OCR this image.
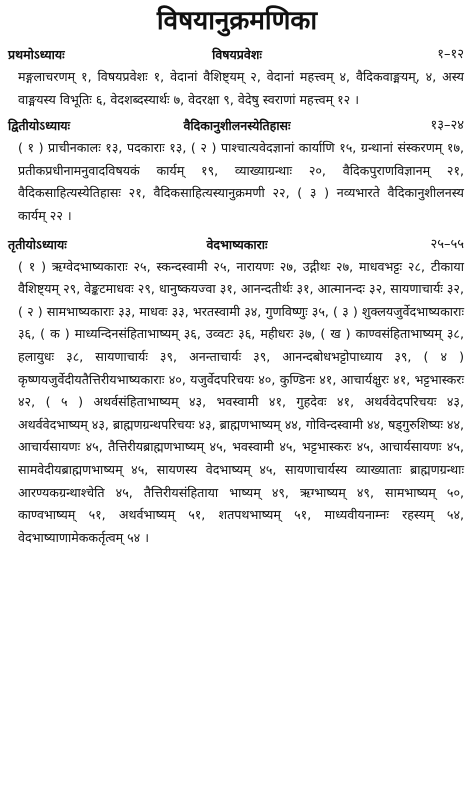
विषयानुक्रमणिका
प्रथमोऽध्यायः	विषयप्रवेशः	१–१२
मङ्गलाचरणम् १, विषयप्रवेशः १, वेदानां वैशिष्ट्यम् २, वेदानां महत्त्वम् ४, वैदिकवाङ्मयम्, ४, अस्य वाङ्मयस्य विभूतिः ६, वेदशब्दस्यार्थः ७, वेदरक्षा ९, वेदेषु स्वराणां महत्त्वम् १२ ।
द्वितीयोऽध्यायः	वैदिकानुशीलनस्येतिहासः	१३–२४
( १ ) प्राचीनकालः १३, पदकाराः १३, ( २ ) पाश्चात्यवेदज्ञानां कार्याणि १५, ग्रन्थानां संस्करणम् १७, प्रतीकप्रधीनामनुवादविषयकं कार्यम् १९, व्याख्याग्रन्थाः २०, वैदिकपुराणविज्ञानम् २१, वैदिकसाहित्यस्येतिहासः २१, वैदिकसाहित्यस्यानुक्रमणी २२, ( ३ ) नव्यभारते वैदिकानुशीलनस्य कार्यम् २२ ।
तृतीयोऽध्यायः	वेदभाष्यकाराः	२५–५५
( १ ) ऋग्वेदभाष्यकाराः २५, स्कन्दस्वामी २५, नारायणः २७, उद्गीथः २७, माधवभट्टः २८, टीकाया वैशिष्ट्यम् २९, वेङ्कटमाधवः २९, धानुष्कयज्वा ३१, आनन्दतीर्थः ३१, आत्मानन्दः ३२, सायणाचार्यः ३२, ( २ ) सामभाष्यकाराः ३३, माधवः ३३, भरतस्वामी ३४, गुणविष्णुः ३५, ( ३ ) शुक्लयजुर्वेदभाष्यकाराः ३६, ( क ) माध्यन्दिनसंहिताभाष्यम् ३६, उव्वटः ३६, महीधरः ३७, ( ख ) काण्वसंहिताभाष्यम् ३८, हलायुधः ३८, सायणाचार्यः ३९, अनन्ताचार्यः ३९, आनन्दबोधभट्टोपाध्याय ३९, ( ४ ) कृष्णयजुर्वेदीयतैत्तिरीयभाष्यकाराः ४०, यजुर्वेदपरिचयः ४०, कुण्डिनः ४१, आचार्यक्षुरः ४१, भट्टभास्करः ४२, ( ५ ) अथर्वसंहिताभाष्यम् ४३, भवस्वामी ४१, गुहदेवः ४१, अथर्ववेदपरिचयः ४३, अथर्ववेदभाष्यम् ४३, ब्राह्मणग्रन्थपरिचयः ४३, ब्राह्मणभाष्यम् ४४, गोविन्दस्वामी ४४, षड्गुरुशिष्यः ४४, आचार्यसायणः ४५, तैत्तिरीयब्राह्मणभाष्यम् ४५, भवस्वामी ४५, भट्टभास्करः ४५, आचार्यसायणः ४५, सामवेदीयब्राह्मणभाष्यम् ४५, सायणस्य वेदभाष्यम् ४५, सायणाचार्यस्य व्याख्याताः ब्राह्मणग्रन्थाः आरण्यकग्रन्थाश्चेति ४५, तैत्तिरीयसंहिताया भाष्यम् ४९, ऋग्भाष्यम् ४९, सामभाष्यम् ५०, काण्वभाष्यम् ५१, अथर्वभाष्यम् ५१, शतपथभाष्यम् ५१, माध्यवीयनाम्नः रहस्यम् ५४, वेदभाष्याणामेककर्तृत्वम् ५४ ।
